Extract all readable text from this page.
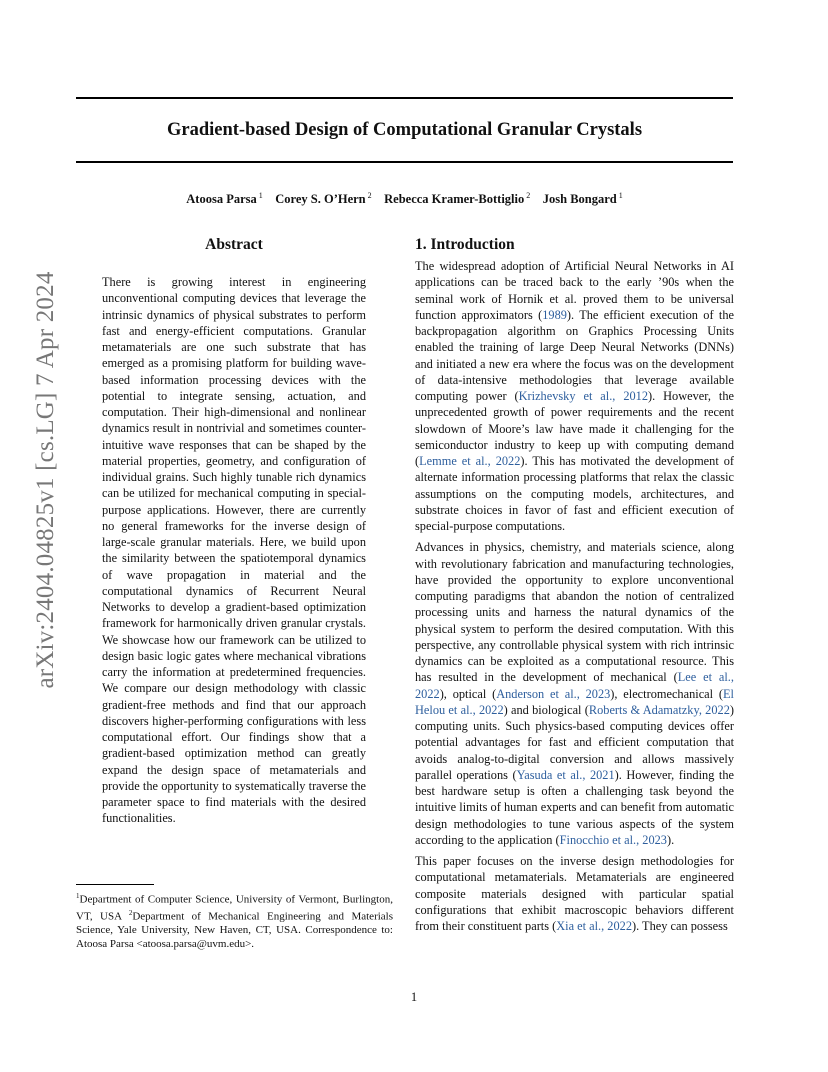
Gradient-based Design of Computational Granular Crystals
Atoosa Parsa $^1$  Corey S. O’Hern $^2$  Rebecca Kramer-Bottiglio $^2$  Josh Bongard $^1$
arXiv:2404.04825v1 [cs.LG] 7 Apr 2024
Abstract

There is growing interest in engineering unconventional computing devices that leverage the intrinsic dynamics of physical substrates to perform fast and energy-efficient computations. Granular metamaterials are one such substrate that has emerged as a promising platform for building wave-based information processing devices with the potential to integrate sensing, actuation, and computation. Their high-dimensional and nonlinear dynamics result in nontrivial and sometimes counter-intuitive wave responses that can be shaped by the material properties, geometry, and configuration of individual grains. Such highly tunable rich dynamics can be utilized for mechanical computing in special-purpose applications. However, there are currently no general frameworks for the inverse design of large-scale granular materials. Here, we build upon the similarity between the spatiotemporal dynamics of wave propagation in material and the computational dynamics of Recurrent Neural Networks to develop a gradient-based optimization framework for harmonically driven granular crystals. We showcase how our framework can be utilized to design basic logic gates where mechanical vibrations carry the information at predetermined frequencies. We compare our design methodology with classic gradient-free methods and find that our approach discovers higher-performing configurations with less computational effort. Our findings show that a gradient-based optimization method can greatly expand the design space of metamaterials and provide the opportunity to systematically traverse the parameter space to find materials with the desired functionalities.

$^1$Department of Computer Science, University of Vermont, Burlington, VT, USA $^2$Department of Mechanical Engineering and Materials Science, Yale University, New Haven, CT, USA. Correspondence to: Atoosa Parsa <atoosa.parsa@uvm.edu>.
1. Introduction

The widespread adoption of Artificial Neural Networks in AI applications can be traced back to the early ’90s when the seminal work of Hornik et al. proved them to be universal function approximators (1989). The efficient execution of the backpropagation algorithm on Graphics Processing Units enabled the training of large Deep Neural Networks (DNNs) and initiated a new era where the focus was on the development of data-intensive methodologies that leverage available computing power (Krizhevsky et al., 2012). However, the unprecedented growth of power requirements and the recent slowdown of Moore’s law have made it challenging for the semiconductor industry to keep up with computing demand (Lemme et al., 2022). This has motivated the development of alternate information processing platforms that relax the classic assumptions on the computing models, architectures, and substrate choices in favor of fast and efficient execution of special-purpose computations.

Advances in physics, chemistry, and materials science, along with revolutionary fabrication and manufacturing technologies, have provided the opportunity to explore unconventional computing paradigms that abandon the notion of centralized processing units and harness the natural dynamics of the physical system to perform the desired computation. With this perspective, any controllable physical system with rich intrinsic dynamics can be exploited as a computational resource. This has resulted in the development of mechanical (Lee et al., 2022), optical (Anderson et al., 2023), electromechanical (El Helou et al., 2022) and biological (Roberts & Adamatzky, 2022) computing units. Such physics-based computing devices offer potential advantages for fast and efficient computation that avoids analog-to-digital conversion and allows massively parallel operations (Yasuda et al., 2021). However, finding the best hardware setup is often a challenging task beyond the intuitive limits of human experts and can benefit from automatic design methodologies to tune various aspects of the system according to the application (Finocchio et al., 2023).

This paper focuses on the inverse design methodologies for computational metamaterials. Metamaterials are engineered composite materials designed with particular spatial configurations that exhibit macroscopic behaviors different from their constituent parts (Xia et al., 2022). They can possess

1
